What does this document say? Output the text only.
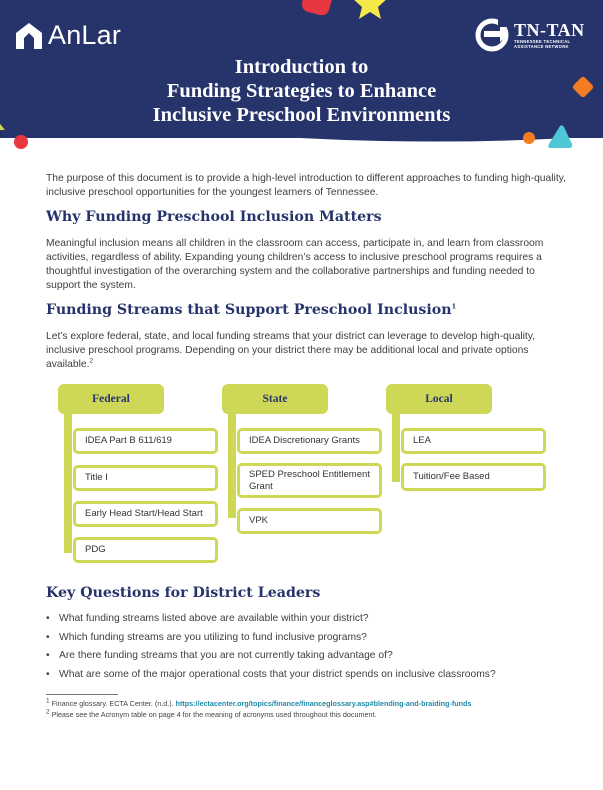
AnLar	TN-TAN
TENNESSEE TECHNICAL
ASSISTANCE NETWORK
Introduction to
Funding Strategies to Enhance
Inclusive Preschool Environments
The purpose of this document is to provide a high-level introduction to different approaches to funding high-quality, inclusive preschool opportunities for the youngest learners of Tennessee.
Why Funding Preschool Inclusion Matters
Meaningful inclusion means all children in the classroom can access, participate in, and learn from classroom activities, regardless of ability. Expanding young children’s access to inclusive preschool programs requires a thoughtful investigation of the overarching system and the collaborative partnerships and funding needed to support the system.
Funding Streams that Support Preschool Inclusion$^1$
Let’s explore federal, state, and local funding streams that your district can leverage to develop high-quality, inclusive preschool programs. Depending on your district there may be additional local and private options available.$^2$
Federal
IDEA Part B 611/619
Title I
Early Head Start/Head Start
PDG
State
IDEA Discretionary Grants
SPED Preschool Entitlement Grant
VPK
Local
LEA
Tuition/Fee Based
Key Questions for District Leaders
• What funding streams listed above are available within your district?
• Which funding streams are you utilizing to fund inclusive programs?
• Are there funding streams that you are not currently taking advantage of?
• What are some of the major operational costs that your district spends on inclusive classrooms?
$^1$ Finance glossary. ECTA Center. (n.d.). https://ectacenter.org/topics/finance/financeglossary.asp#blending-and-braiding-funds
$^2$ Please see the Acronym table on page 4 for the meaning of acronyms used throughout this document.
